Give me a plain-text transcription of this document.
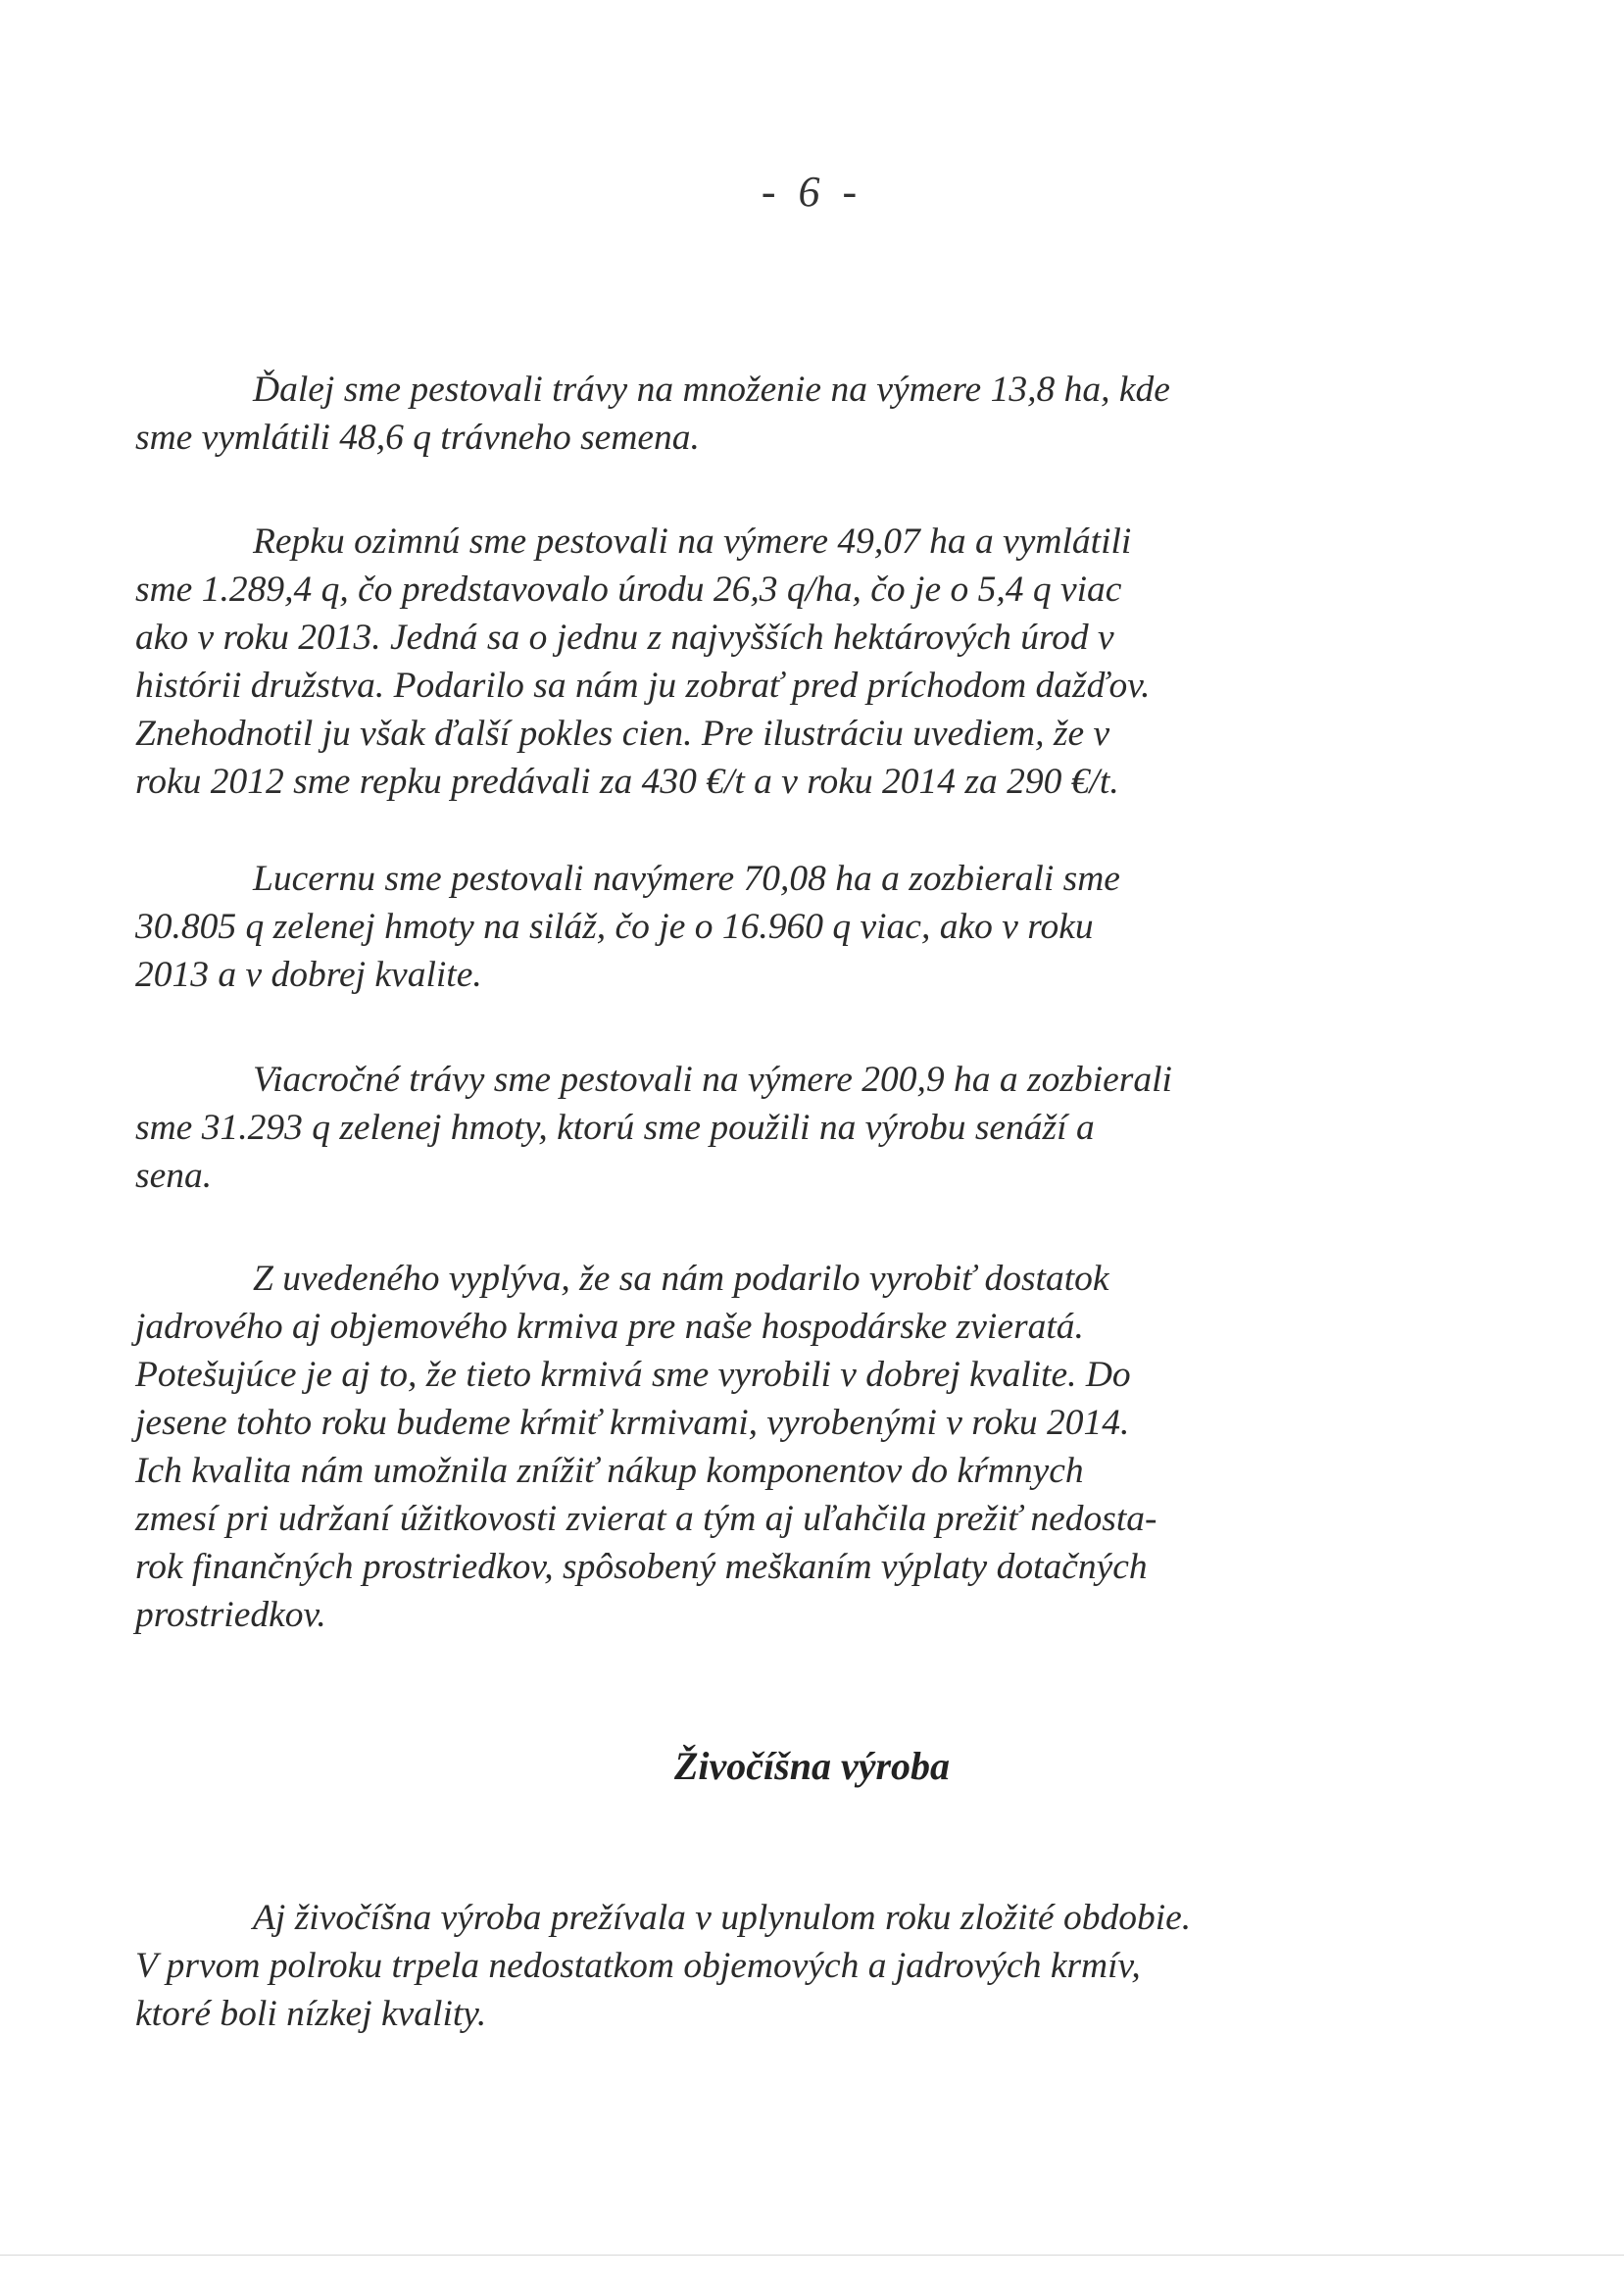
- 6 -
Ďalej sme pestovali trávy na množenie na výmere 13,8 ha, kde
sme vymlátili 48,6 q trávneho semena.
Repku ozimnú sme pestovali na výmere 49,07 ha a vymlátili
sme 1.289,4 q, čo predstavovalo úrodu 26,3 q/ha, čo je o 5,4 q viac
ako v roku 2013. Jedná sa o jednu z najvyšších hektárových úrod v
histórii družstva. Podarilo sa nám ju zobrať pred príchodom dažďov.
Znehodnotil ju však ďalší pokles cien. Pre ilustráciu uvediem, že v
roku 2012 sme repku predávali za 430 €/t a v roku 2014 za 290 €/t.
Lucernu sme pestovali navýmere 70,08 ha a zozbierali sme
30.805 q zelenej hmoty na siláž, čo je o 16.960 q viac, ako v roku
2013 a v dobrej kvalite.
Viacročné trávy sme pestovali na výmere 200,9 ha a zozbierali
sme 31.293 q zelenej hmoty, ktorú sme použili na výrobu senáží a
sena.
Z uvedeného vyplýva, že sa nám podarilo vyrobiť dostatok
jadrového aj objemového krmiva pre naše hospodárske zvieratá.
Potešujúce je aj to, že tieto krmivá sme vyrobili v dobrej kvalite. Do
jesene tohto roku budeme kŕmiť krmivami, vyrobenými v roku 2014.
Ich kvalita nám umožnila znížiť nákup komponentov do kŕmnych
zmesí pri udržaní úžitkovosti zvierat a tým aj uľahčila prežiť nedosta-
rok finančných prostriedkov, spôsobený meškaním výplaty dotačných
prostriedkov.
Živočíšna výroba
Aj živočíšna výroba prežívala v uplynulom roku zložité obdobie.
V prvom polroku trpela nedostatkom objemových a jadrových krmív,
ktoré boli nízkej kvality.
